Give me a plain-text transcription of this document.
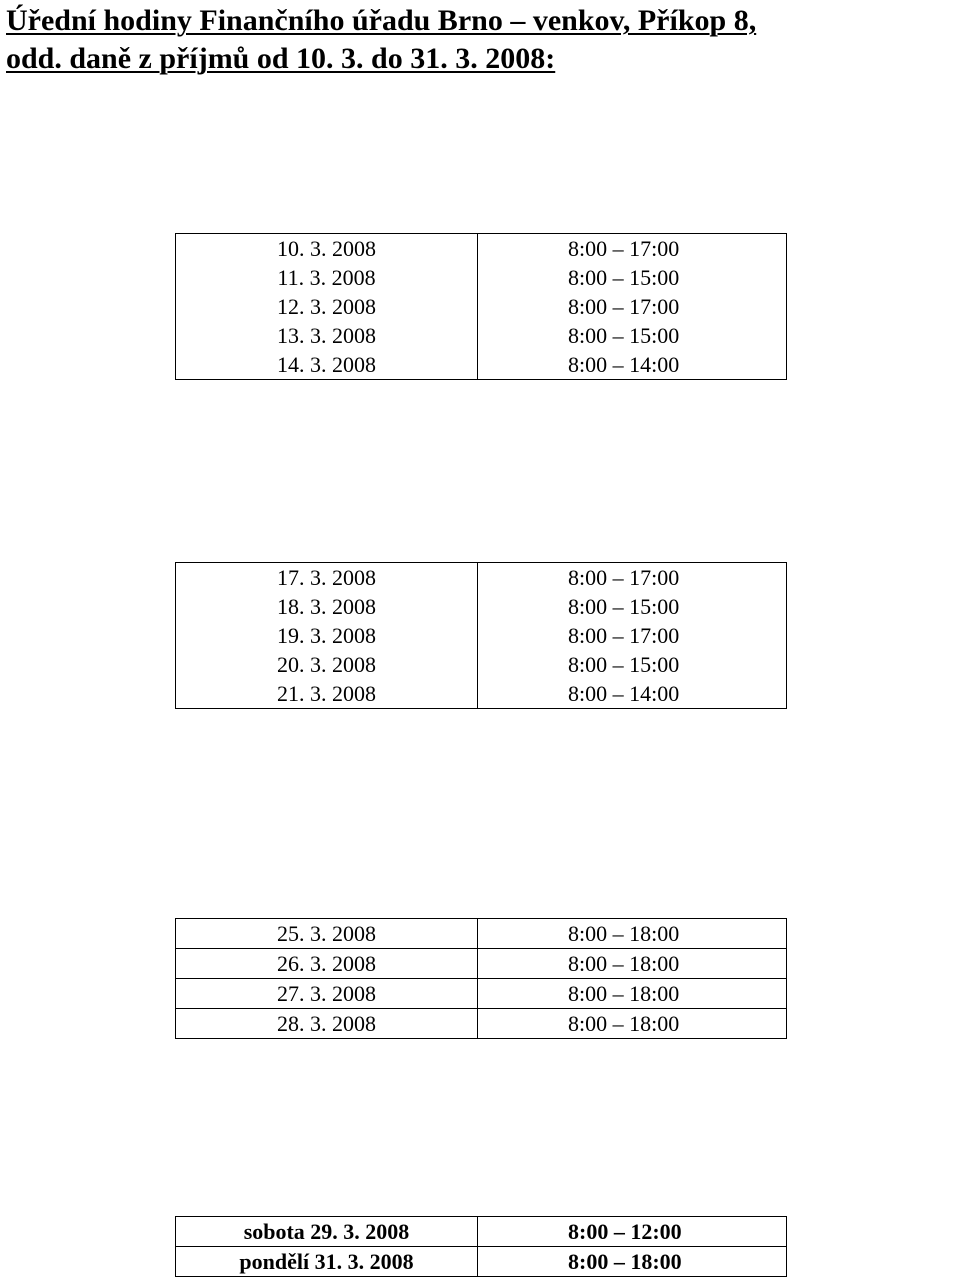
Úřední hodiny Finančního úřadu Brno – venkov, Příkop 8,
odd. daně z příjmů od 10. 3. do 31. 3. 2008:
10. 3. 2008	8:00 – 17:00
11. 3. 2008	8:00 – 15:00
12. 3. 2008	8:00 – 17:00
13. 3. 2008	8:00 – 15:00
14. 3. 2008	8:00 – 14:00
17. 3. 2008	8:00 – 17:00
18. 3. 2008	8:00 – 15:00
19. 3. 2008	8:00 – 17:00
20. 3. 2008	8:00 – 15:00
21. 3. 2008	8:00 – 14:00
25. 3. 2008	8:00 – 18:00
26. 3. 2008	8:00 – 18:00
27. 3. 2008	8:00 – 18:00
28. 3. 2008	8:00 – 18:00
sobota 29. 3. 2008	8:00 – 12:00
pondělí 31. 3. 2008	8:00 – 18:00
